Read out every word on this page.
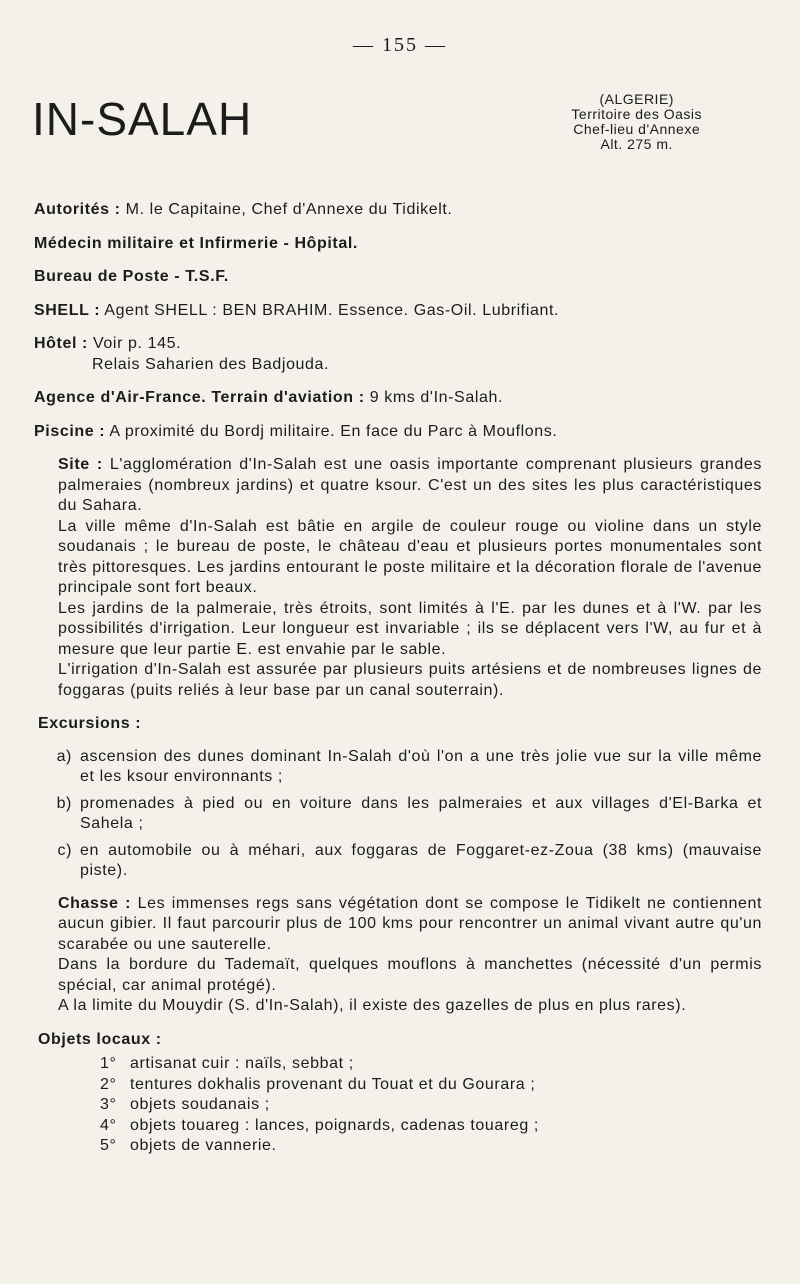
— 155 —
IN-SALAH	(ALGERIE)
Territoire des Oasis
Chef-lieu d'Annexe
Alt. 275 m.
Autorités : M. le Capitaine, Chef d'Annexe du Tidikelt.
Médecin militaire et Infirmerie - Hôpital.
Bureau de Poste - T.S.F.
SHELL : Agent SHELL : BEN BRAHIM. Essence. Gas-Oil. Lubrifiant.
Hôtel : Voir p. 145.
Relais Saharien des Badjouda.
Agence d'Air-France. Terrain d'aviation : 9 kms d'In-Salah.
Piscine : A proximité du Bordj militaire. En face du Parc à Mouflons.

Site : L'agglomération d'In-Salah est une oasis importante comprenant plusieurs grandes palmeraies (nombreux jardins) et quatre ksour. C'est un des sites les plus caractéristiques du Sahara.

La ville même d'In-Salah est bâtie en argile de couleur rouge ou violine dans un style soudanais ; le bureau de poste, le château d'eau et plusieurs portes monumentales sont très pittoresques. Les jardins entourant le poste militaire et la décoration florale de l'avenue principale sont fort beaux.

Les jardins de la palmeraie, très étroits, sont limités à l'E. par les dunes et à l'W. par les possibilités d'irrigation. Leur longueur est invariable ; ils se déplacent vers l'W, au fur et à mesure que leur partie E. est envahie par le sable.

L'irrigation d'In-Salah est assurée par plusieurs puits artésiens et de nombreuses lignes de foggaras (puits reliés à leur base par un canal souterrain).

Excursions :
a) ascension des dunes dominant In-Salah d'où l'on a une très jolie vue sur la ville même et les ksour environnants ;
b) promenades à pied ou en voiture dans les palmeraies et aux villages d'El-Barka et Sahela ;
c) en automobile ou à méhari, aux foggaras de Foggaret-ez-Zoua (38 kms) (mauvaise piste).

Chasse : Les immenses regs sans végétation dont se compose le Tidikelt ne contiennent aucun gibier. Il faut parcourir plus de 100 kms pour rencontrer un animal vivant autre qu'un scarabée ou une sauterelle.

Dans la bordure du Tademaït, quelques mouflons à manchettes (nécessité d'un permis spécial, car animal protégé).

A la limite du Mouydir (S. d'In-Salah), il existe des gazelles de plus en plus rares).

Objets locaux :
1° artisanat cuir : naïls, sebbat ;
2° tentures dokhalis provenant du Touat et du Gourara ;
3° objets soudanais ;
4° objets touareg : lances, poignards, cadenas touareg ;
5° objets de vannerie.
